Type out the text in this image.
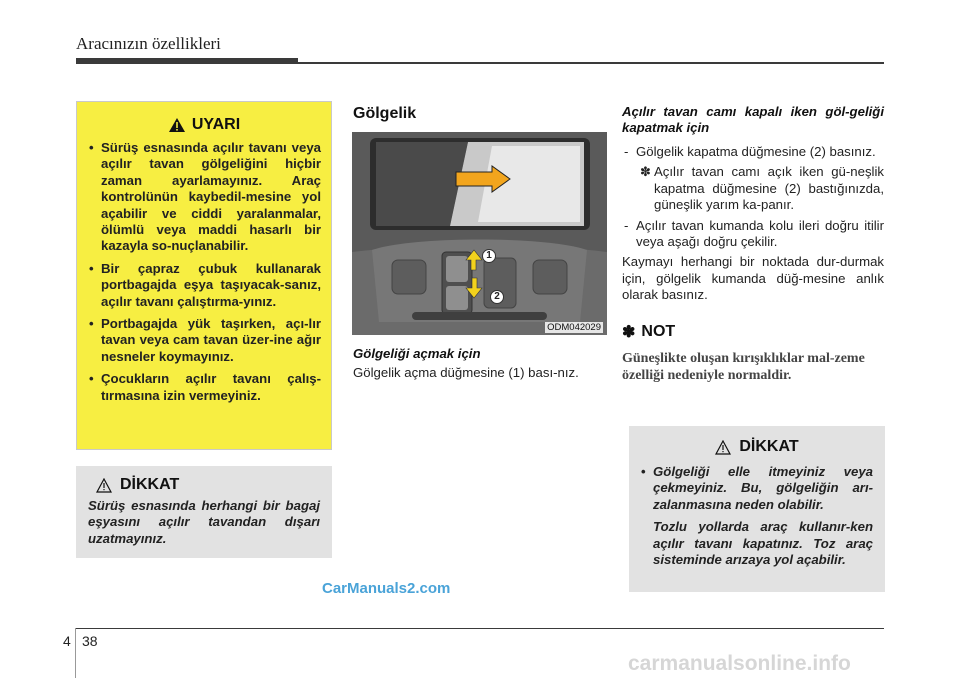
Aracınızın özellikleri
UYARI
• Sürüş esnasında açılır tavanı veya açılır tavan gölgeliğini hiçbir zaman ayarlamayınız. Araç kontrolünün kaybedil-mesine yol açabilir ve ciddi yaralanmalar, ölümlü veya maddi hasarlı bir kazayla so-nuçlanabilir.
• Bir çapraz çubuk kullanarak portbagajda eşya taşıyacak-sanız, açılır tavanı çalıştırma-yınız.
• Portbagajda yük taşırken, açı-lır tavan veya cam tavan üzer-ine ağır nesneler koymayınız.
• Çocukların açılır tavanı çalış-tırmasına izin vermeyiniz.
DİKKAT
Sürüş esnasında herhangi bir bagaj eşyasını açılır tavandan dışarı uzatmayınız.
Gölgelik
1
2
ODM042029
Gölgeliği açmak için
Gölgelik açma düğmesine (1) bası-nız.
Açılır tavan camı kapalı iken göl-geliği kapatmak için
- Gölgelik kapatma düğmesine (2) basınız.
✽ Açılır tavan camı açık iken gü-neşlik kapatma düğmesine (2) bastığınızda, güneşlik yarım ka-panır.
- Açılır tavan kumanda kolu ileri doğru itilir veya aşağı doğru çekilir.
Kaymayı herhangi bir noktada dur-durmak için, gölgelik kumanda düğ-mesine anlık olarak basınız.
✽ NOT
Güneşlikte oluşan kırışıklıklar mal-zeme özelliği nedeniyle normaldir.
DİKKAT
• Gölgeliği elle itmeyiniz veya çekmeyiniz. Bu, gölgeliğin arı-zalanmasına neden olabilir.
Tozlu yollarda araç kullanır-ken açılır tavanı kapatınız. Toz araç sisteminde arızaya yol açabilir.
CarManuals2.com
4 38
carmanualsonline.info
